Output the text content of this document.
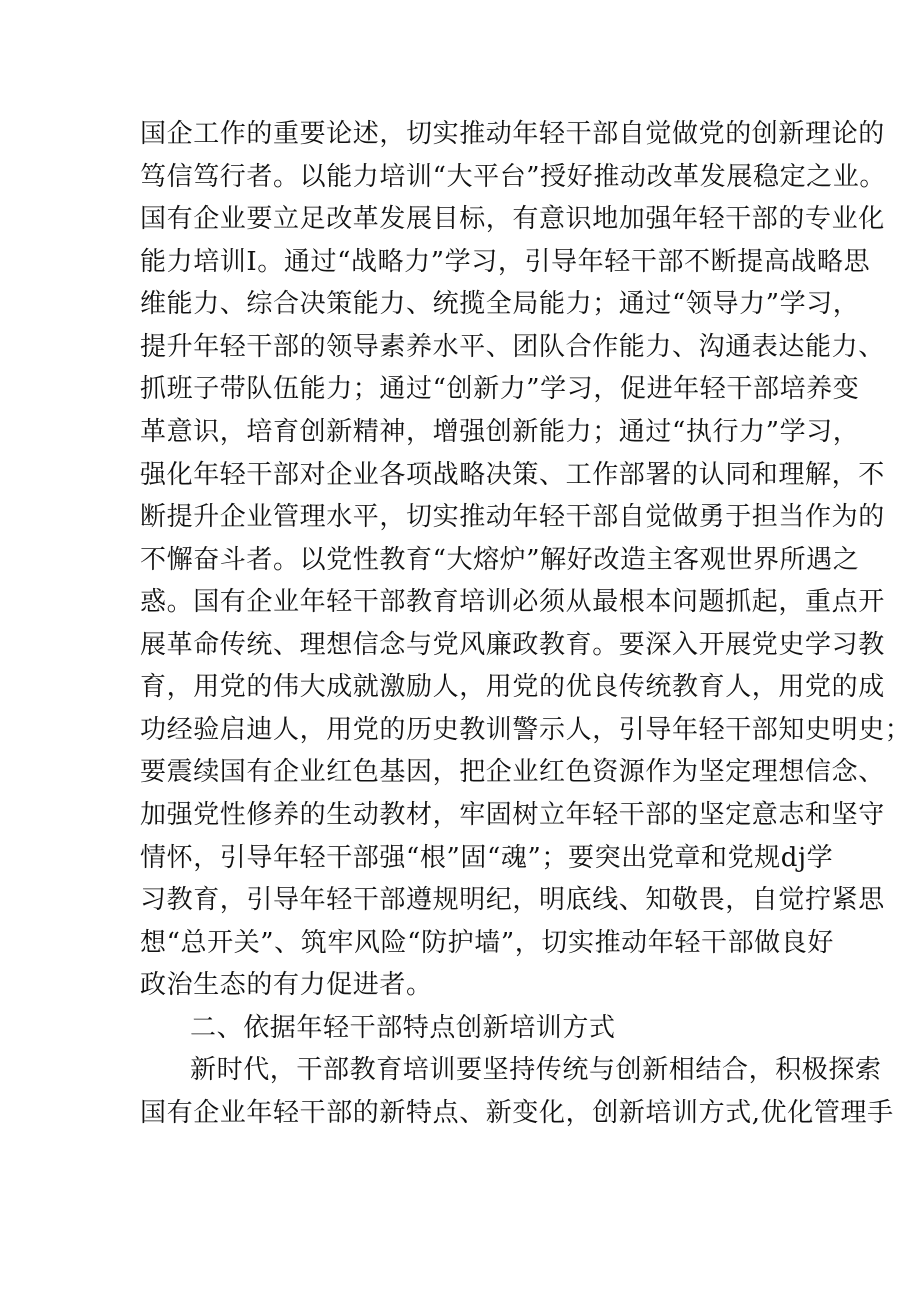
国企工作的重要论述，切实推动年轻干部自觉做党的创新理论的
笃信笃行者。以能力培训“大平台”授好推动改革发展稳定之业。
国有企业要立足改革发展目标，有意识地加强年轻干部的专业化
能力培训I。通过“战略力”学习，引导年轻干部不断提高战略思
维能力、综合决策能力、统揽全局能力；通过“领导力”学习，
提升年轻干部的领导素养水平、团队合作能力、沟通表达能力、
抓班子带队伍能力；通过“创新力”学习，促进年轻干部培养变
革意识，培育创新精神，增强创新能力；通过“执行力”学习，
强化年轻干部对企业各项战略决策、工作部署的认同和理解，不
断提升企业管理水平，切实推动年轻干部自觉做勇于担当作为的
不懈奋斗者。以党性教育“大熔炉”解好改造主客观世界所遇之
惑。国有企业年轻干部教育培训必须从最根本问题抓起，重点开
展革命传统、理想信念与党风廉政教育。要深入开展党史学习教
育，用党的伟大成就激励人，用党的优良传统教育人，用党的成
功经验启迪人，用党的历史教训警示人，引导年轻干部知史明史；
要震续国有企业红色基因，把企业红色资源作为坚定理想信念、
加强党性修养的生动教材，牢固树立年轻干部的坚定意志和坚守
情怀，引导年轻干部强“根”固“魂”；要突出党章和党规dj学
习教育，引导年轻干部遵规明纪，明底线、知敬畏，自觉拧紧思
想“总开关”、筑牢风险“防护墙”，切实推动年轻干部做良好
政治生态的有力促进者。
二、依据年轻干部特点创新培训方式
新时代，干部教育培训要坚持传统与创新相结合，积极探索
国有企业年轻干部的新特点、新变化，创新培训方式,优化管理手
